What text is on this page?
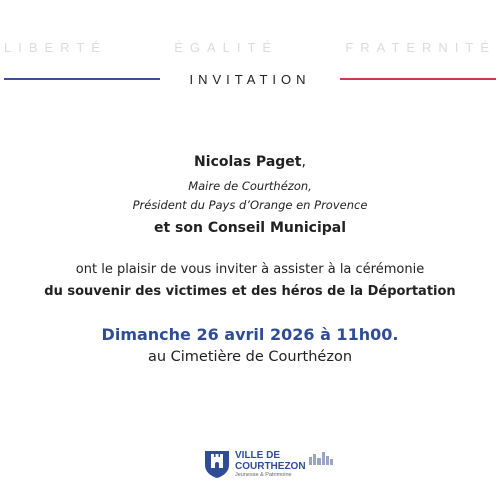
LIBERTÉ	ÉGALITÉ	FRATERNITÉ
INVITATION
Nicolas Paget,
Maire de Courthézon,
Président du Pays d’Orange en Provence
et son Conseil Municipal
ont le plaisir de vous inviter à assister à la cérémonie
du souvenir des victimes et des héros de la Déportation
Dimanche 26 avril 2026 à 11h00.
au Cimetière de Courthézon
VILLE DE
COURTHEZON
Jeunesse & Patrimoine
